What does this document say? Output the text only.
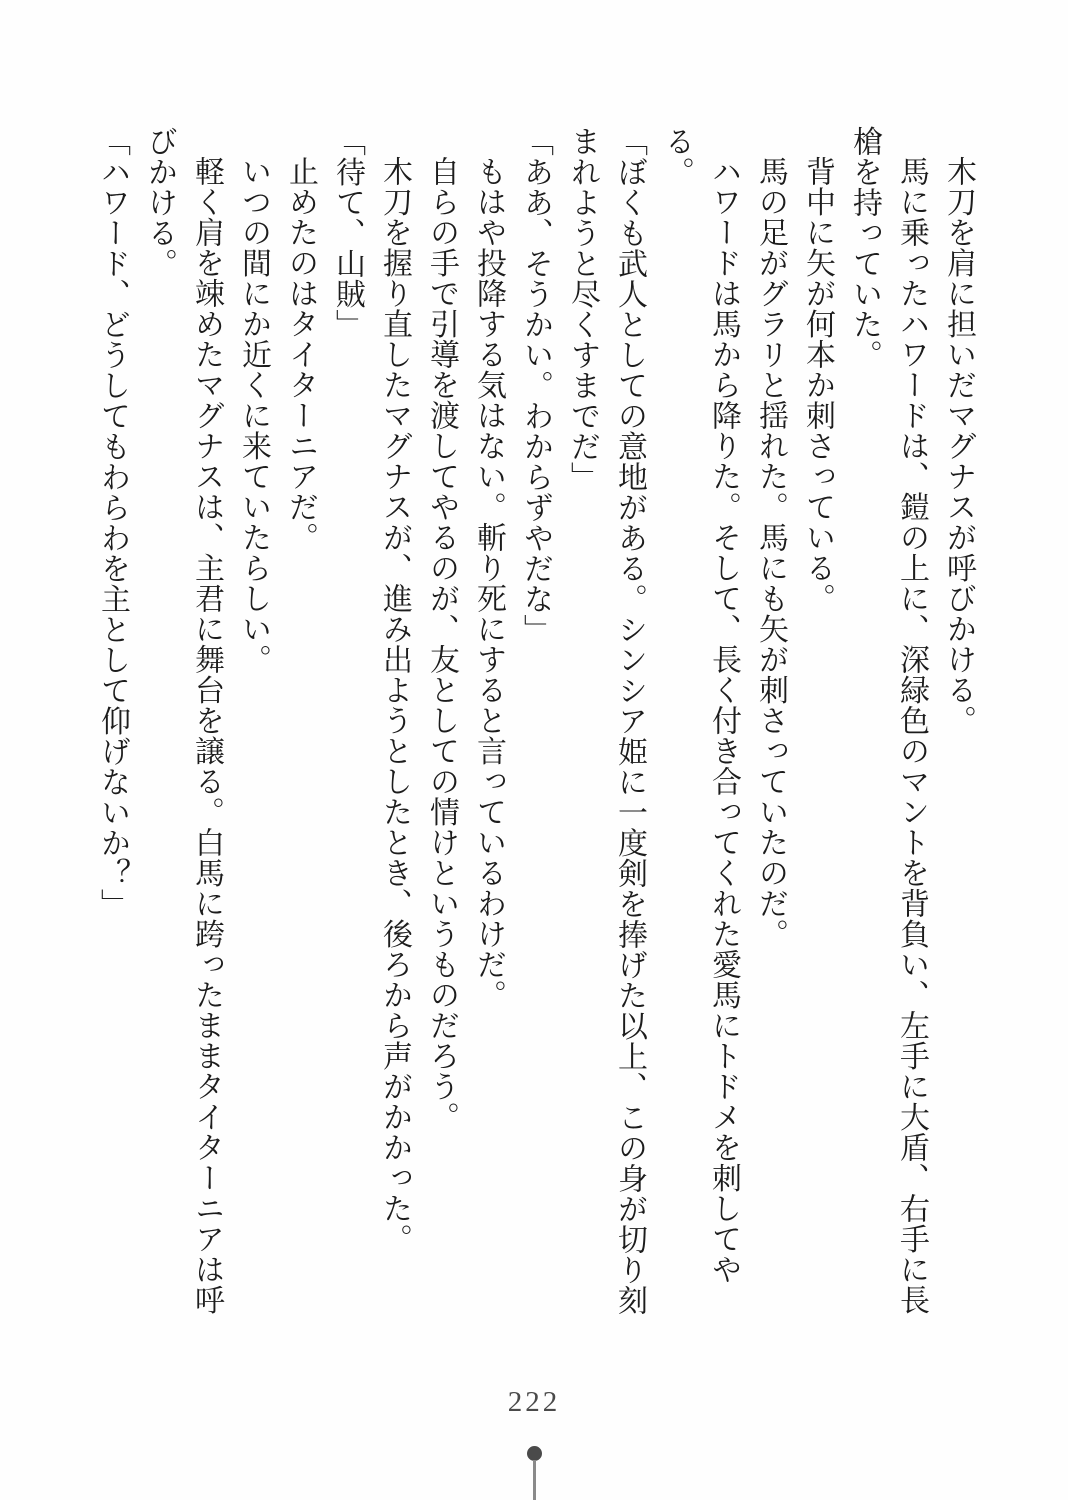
木刀を肩に担いだマグナスが呼びかける。

馬に乗ったハワードは、鎧の上に、深緑色のマントを背負い、左手に大盾、右手に長槍を持っていた。

背中に矢が何本か刺さっている。

馬の足がグラリと揺れた。馬にも矢が刺さっていたのだ。

ハワードは馬から降りた。そして、長く付き合ってくれた愛馬にトドメを刺してやる。

「ぼくも武人としての意地がある。シンシア姫に一度剣を捧げた以上、この身が切り刻まれようと尽くすまでだ」

「ああ、そうかい。わからずやだな」

もはや投降する気はない。斬り死にすると言っているわけだ。

自らの手で引導を渡してやるのが、友としての情けというものだろう。

木刀を握り直したマグナスが、進み出ようとしたとき、後ろから声がかかった。

「待て、山賊」

止めたのはタイターニアだ。

いつの間にか近くに来ていたらしい。

軽く肩を竦めたマグナスは、主君に舞台を譲る。白馬に跨ったままタイターニアは呼びかける。

「ハワード、どうしてもわらわを主として仰げないか？」

222
